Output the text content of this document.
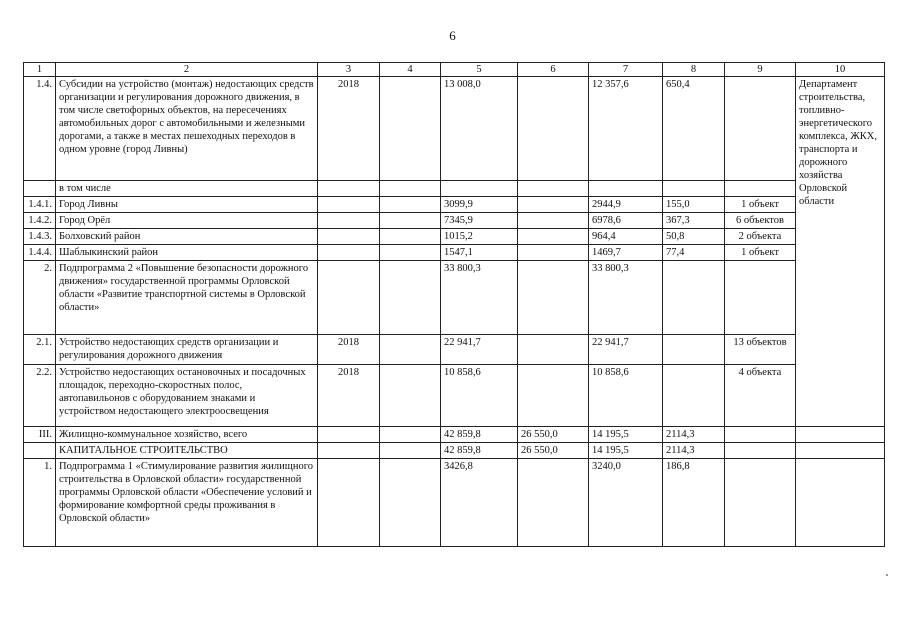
6
1	2	3	4	5	6	7	8	9	10
1.4.	Субсидии на устройство (монтаж) недостающих средств организации и регулирования дорожного движения, в том числе светофорных объектов, на пересечениях автомобильных дорог с автомобильными и железными дорогами, а также в местах пешеходных переходов в одном уровне (город Ливны)	2018		13 008,0		12 357,6	650,4		Департамент строительства, топливно-энергетического комплекса, ЖКХ, транспорта и дорожного хозяйства Орловской области
	в том числе								
1.4.1.	Город Ливны			3099,9		2944,9	155,0	1 объект	
1.4.2.	Город Орёл			7345,9		6978,6	367,3	6 объектов	
1.4.3.	Болховский район			1015,2		964,4	50,8	2 объекта	
1.4.4.	Шаблыкинский район			1547,1		1469,7	77,4	1 объект	
2.	Подпрограмма 2 «Повышение безопасности дорожного движения» государственной программы Орловской области «Развитие транспортной системы в Орловской области»			33 800,3		33 800,3			
2.1.	Устройство недостающих средств организации и регулирования дорожного движения	2018		22 941,7		22 941,7		13 объектов	
2.2.	Устройство недостающих остановочных и посадочных площадок, переходно-скоростных полос, автопавильонов с оборудованием знаками и устройством недостающего электроосвещения	2018		10 858,6		10 858,6		4 объекта	
III.	Жилищно-коммунальное хозяйство, всего			42 859,8	26 550,0	14 195,5	2114,3		
	КАПИТАЛЬНОЕ СТРОИТЕЛЬСТВО			42 859,8	26 550,0	14 195,5	2114,3		
1.	Подпрограмма 1 «Стимулирование развития жилищного строительства в Орловской области» государственной программы Орловской области «Обеспечение условий и формирование комфортной среды проживания в Орловской области»			3426,8		3240,0	186,8		
